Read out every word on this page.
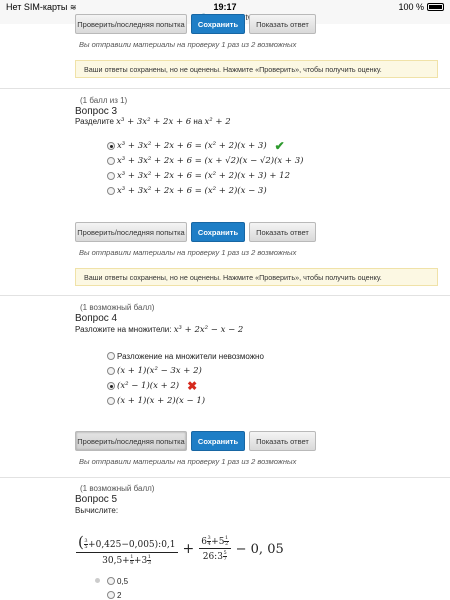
Нет SIM-карты ≋	19:17	100 %
Проверить/последняя попытка	Сохранить	Показать ответ
Вы отправили материалы на проверку 1 раз из 2 возможных
Ваши ответы сохранены, но не оценены. Нажмите «Проверить», чтобы получить оценку.
(1 балл из 1)
Вопрос 3
Разделите x³ + 3x² + 2x + 6 на x² + 2
x³ + 3x² + 2x + 6 = (x² + 2)(x + 3) ✔
x³ + 3x² + 2x + 6 = (x + √2)(x − √2)(x + 3)
x³ + 3x² + 2x + 6 = (x² + 2)(x + 3) + 12
x³ + 3x² + 2x + 6 = (x² + 2)(x − 3)
Проверить/последняя попытка	Сохранить	Показать ответ
Вы отправили материалы на проверку 1 раз из 2 возможных
Ваши ответы сохранены, но не оценены. Нажмите «Проверить», чтобы получить оценку.
(1 возможный балл)
Вопрос 4
Разложите на множители: x³ + 2x² − x − 2
Разложение на множители невозможно
(x + 1)(x² − 3x + 2)
(x² − 1)(x + 2) ✖
(x + 1)(x + 2)(x − 1)
Проверить/последняя попытка	Сохранить	Показать ответ
Вы отправили материалы на проверку 1 раз из 2 возможных
(1 возможный балл)
Вопрос 5
Вычислите:
$\frac{( \frac{3}{5} +0,425-0,005):0,1}{30,5+ \frac{1}{6} +3 \frac{1}{3}} + \frac{6 \frac{3}{4} +5 \frac{1}{2}}{26:3 \frac{5}{7}} - 0$, 05
0,5
2
